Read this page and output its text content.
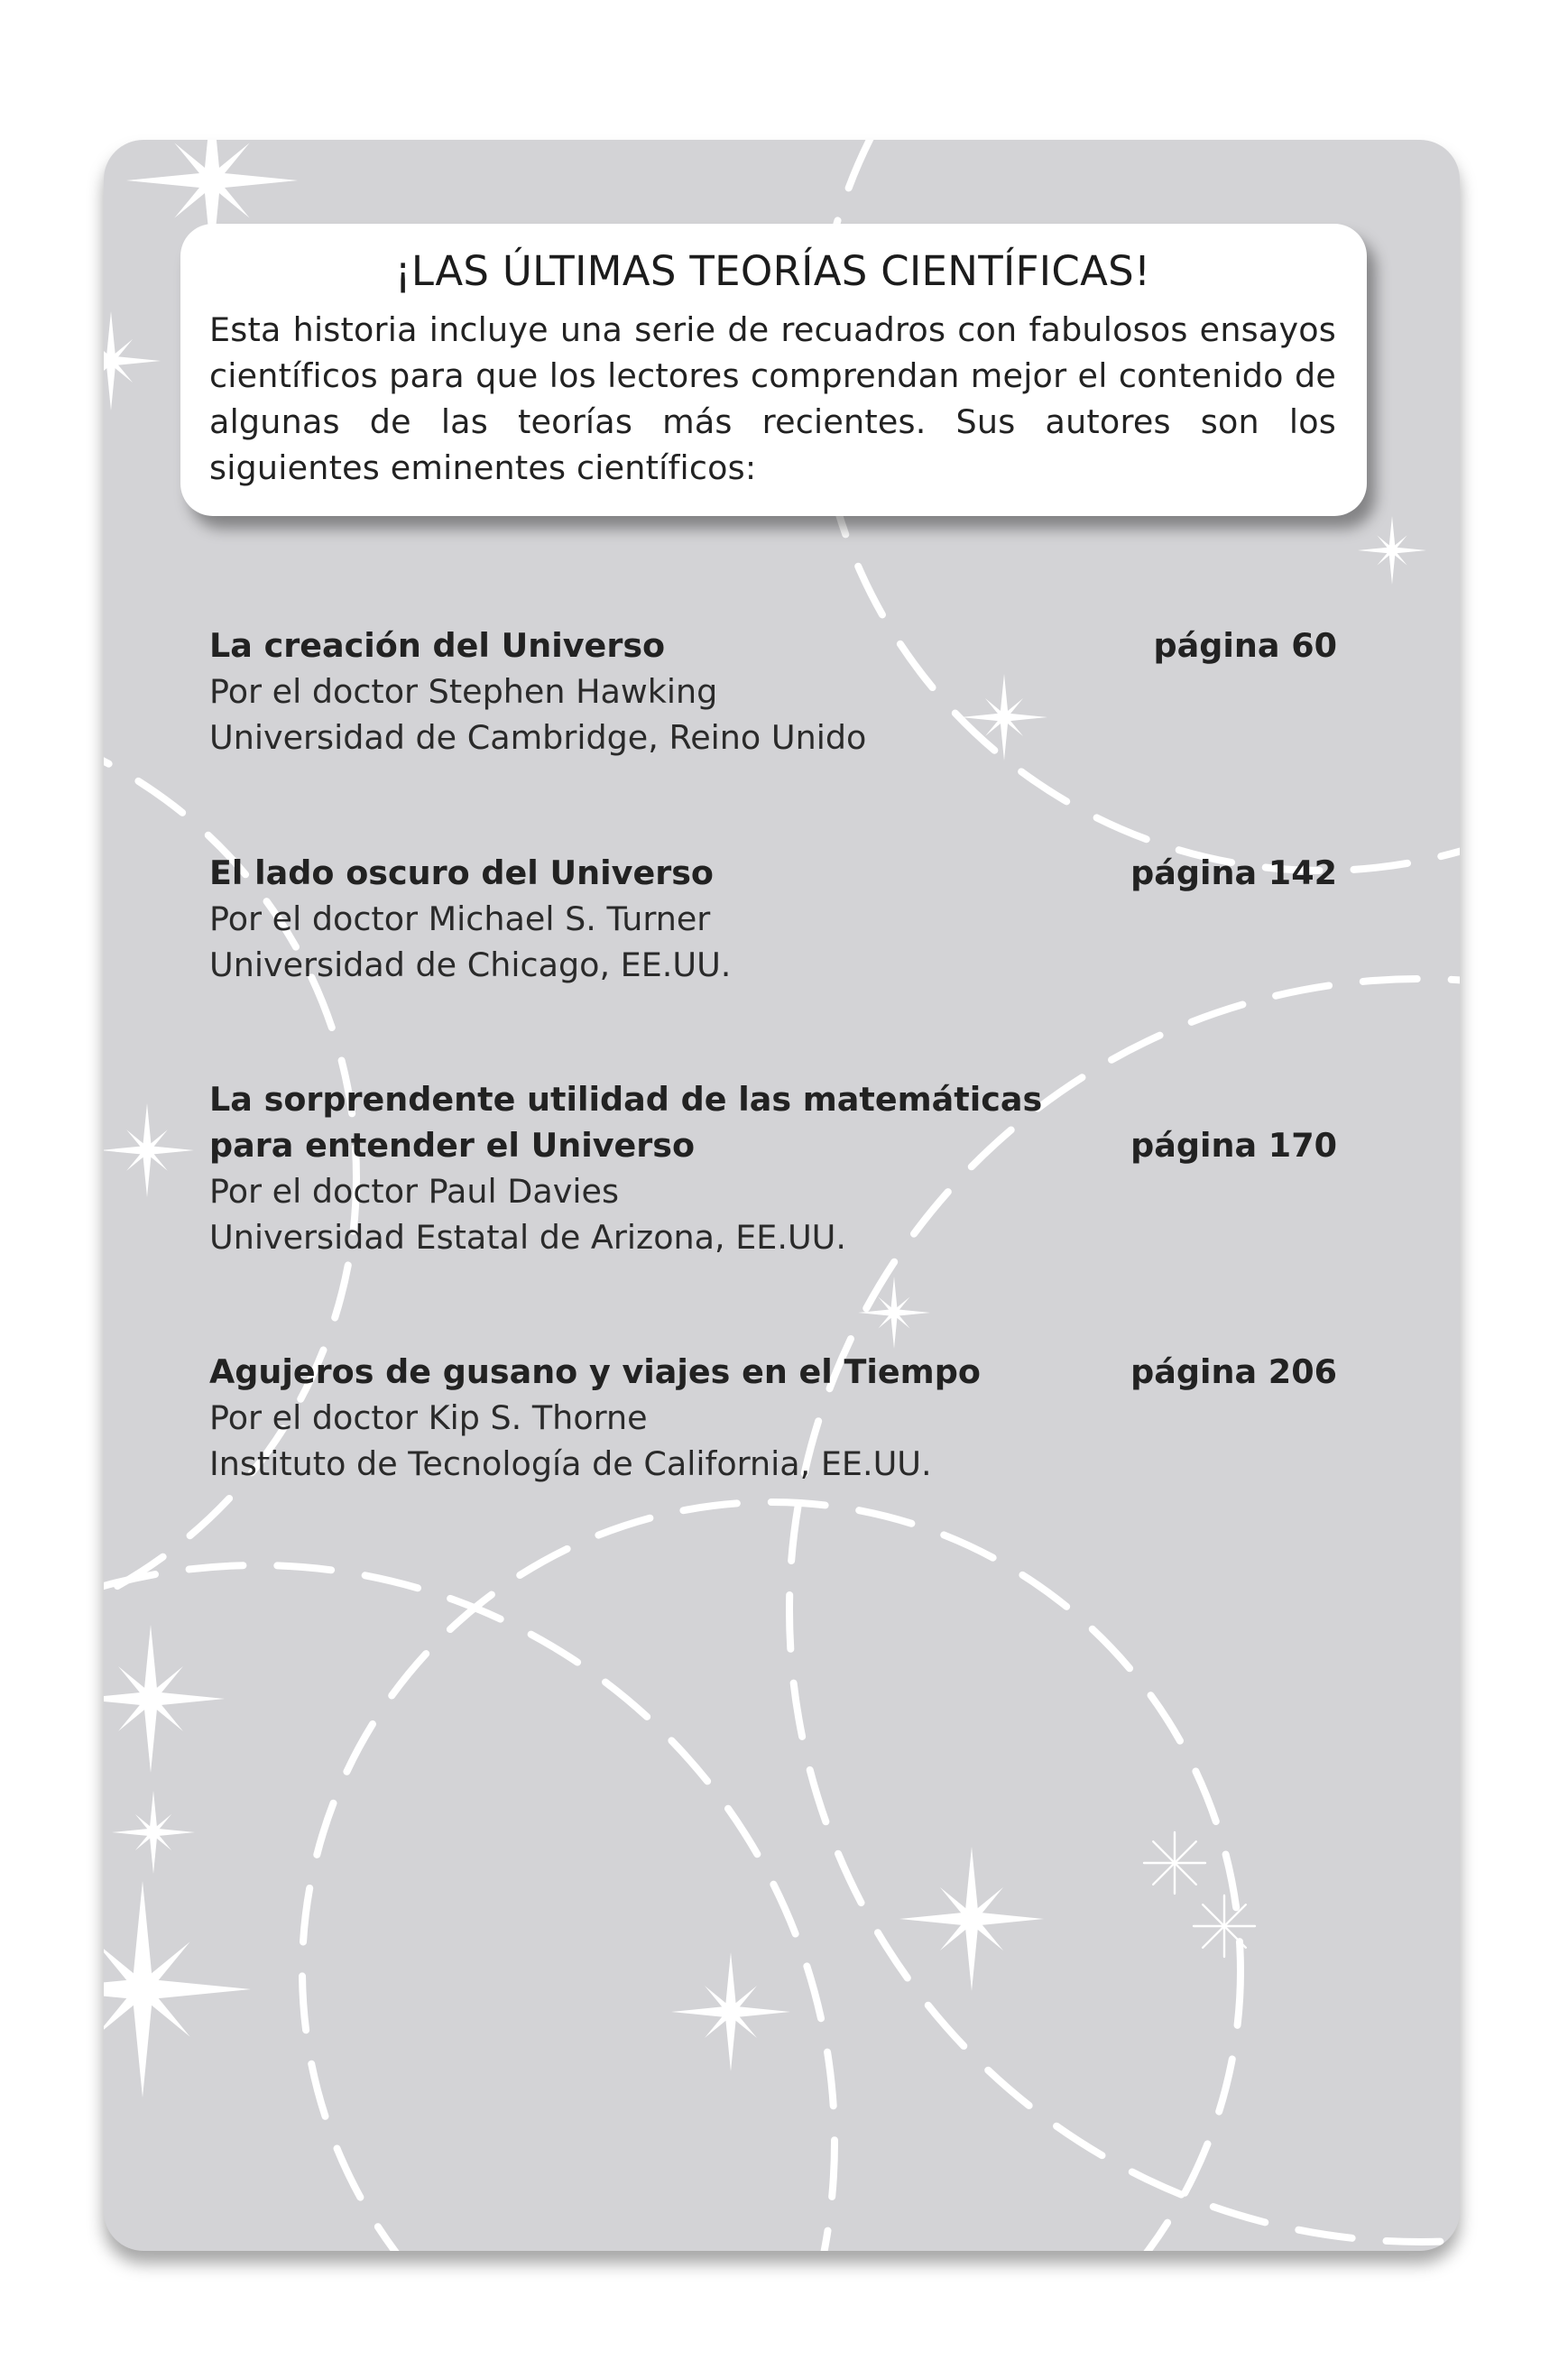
¡LAS ÚLTIMAS TEORÍAS CIENTÍFICAS!

Esta historia incluye una serie de recuadros con fabulosos ensayos científicos para que los lectores comprendan mejor el contenido de algunas de las teorías más recientes. Sus autores son los siguientes eminentes científicos:

página 60

La creación del Universo

Por el doctor Stephen Hawking

Universidad de Cambridge, Reino Unido

página 142

El lado oscuro del Universo

Por el doctor Michael S. Turner

Universidad de Chicago, EE.UU.

página 170

La sorprendente utilidad de las matemáticas

para entender el Universo

Por el doctor Paul Davies

Universidad Estatal de Arizona, EE.UU.

página 206

Agujeros de gusano y viajes en el Tiempo

Por el doctor Kip S. Thorne

Instituto de Tecnología de California, EE.UU.
